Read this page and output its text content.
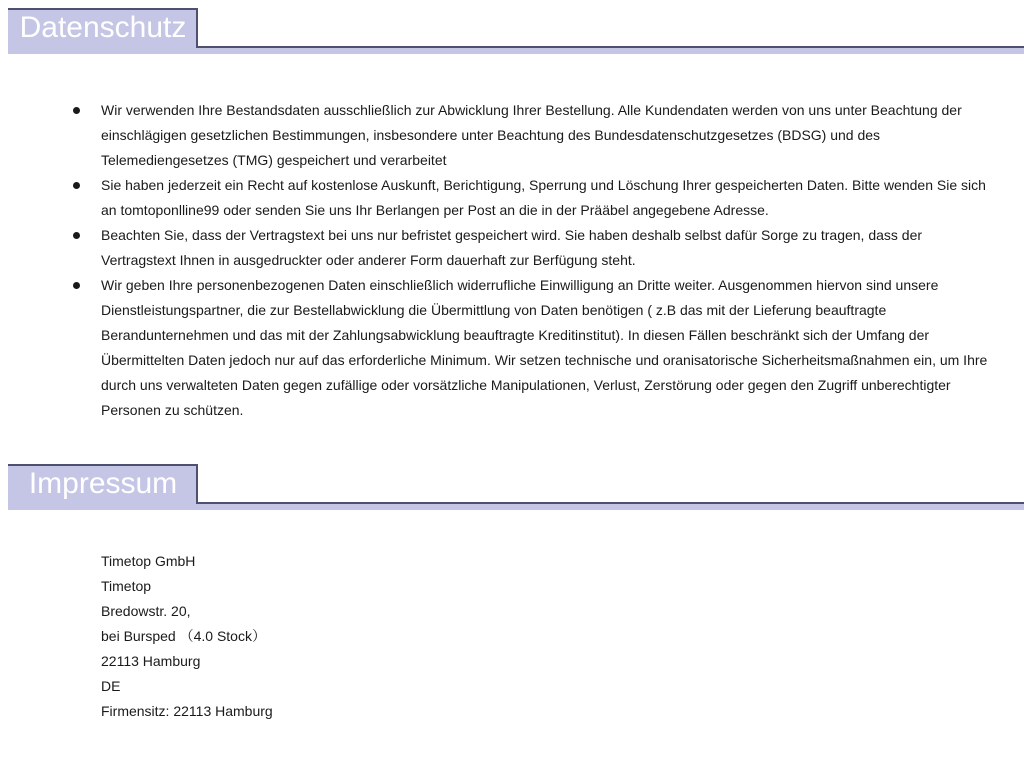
Datenschutz
Wir verwenden Ihre Bestandsdaten ausschließlich zur Abwicklung Ihrer Bestellung. Alle Kundendaten werden von uns unter Beachtung der einschlägigen gesetzlichen Bestimmungen, insbesondere unter Beachtung des Bundesdatenschutzgesetzes (BDSG) und des Telemediengesetzes (TMG) gespeichert und verarbeitet
Sie haben jederzeit ein Recht auf kostenlose Auskunft, Berichtigung, Sperrung und Löschung Ihrer gespeicherten Daten. Bitte wenden Sie sich an tomtoponlline99 oder senden Sie uns Ihr Berlangen per Post an die in der Prääbel angegebene Adresse.
Beachten Sie, dass der Vertragstext bei uns nur befristet gespeichert wird. Sie haben deshalb selbst dafür Sorge zu tragen, dass der Vertragstext Ihnen in ausgedruckter oder anderer Form dauerhaft zur Berfügung steht.
Wir geben Ihre personenbezogenen Daten einschließlich widerrufliche Einwilligung an Dritte weiter. Ausgenommen hiervon sind unsere Dienstleistungspartner, die zur Bestellabwicklung die Übermittlung von Daten benötigen ( z.B das mit der Lieferung beauftragte Berandunternehmen und das mit der Zahlungsabwicklung beauftragte Kreditinstitut). In diesen Fällen beschränkt sich der Umfang der Übermittelten Daten jedoch nur auf das erforderliche Minimum. Wir setzen technische und oranisatorische Sicherheitsmaßnahmen ein, um Ihre durch uns verwalteten Daten gegen zufällige oder vorsätzliche Manipulationen, Verlust, Zerstörung oder gegen den Zugriff unberechtigter Personen zu schützen.
Impressum
Timetop GmbH
Timetop
Bredowstr. 20,
bei Bursped （4.0 Stock）
22113 Hamburg
DE
Firmensitz: 22113 Hamburg
